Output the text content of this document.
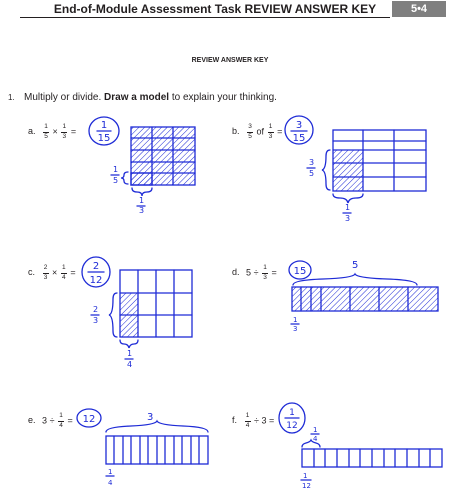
End-of-Module Assessment Task REVIEW ANSWER KEY	5•4
REVIEW ANSWER KEY
1. Multiply or divide. Draw a model to explain your thinking.
a. $\frac{1}{5} \times \frac{1}{3}$ =	b. $\frac{3}{5}$ of $\frac{1}{3}$ =
c. $\frac{2}{3} \times \frac{1}{4}$ =	d. $5 \div \frac{1}{3}$ =
e. $3 \div \frac{1}{4}$ =	f. $\frac{1}{4} \div 3$ =
1
15
1
5
1
3
3
15
3
5
1
3
2
12
2
3
1
4
15
5
1
3
12	3
1
4
1
12 1
4
1
12
